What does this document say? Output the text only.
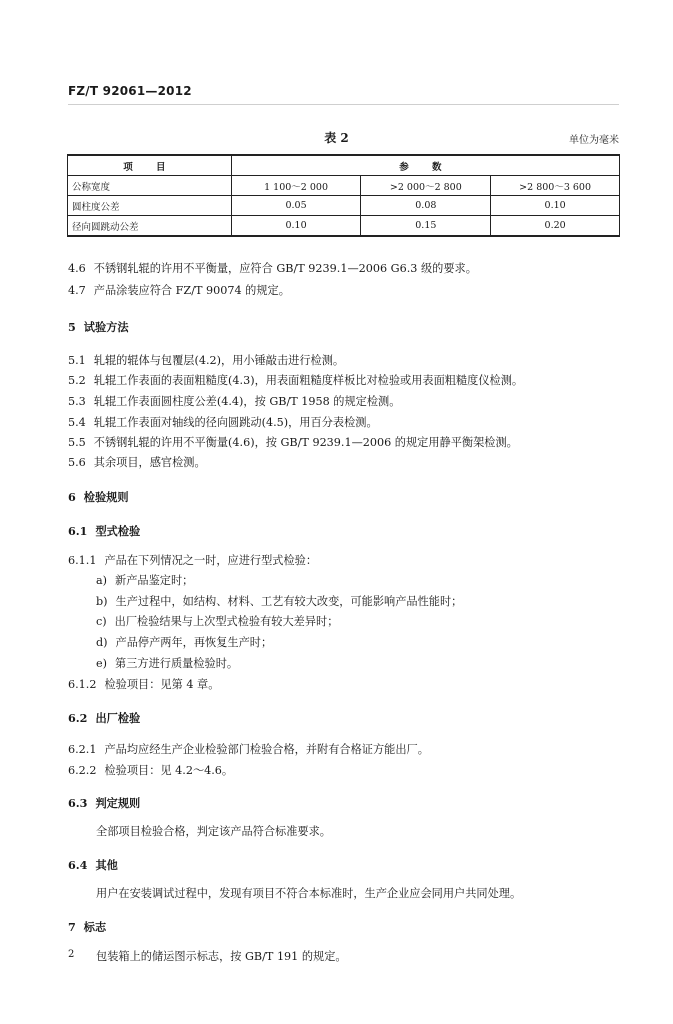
FZ/T 92061—2012
表 2	单位为毫米
项 目	参 数		
公称宽度	1 100～2 000	>2 000～2 800	>2 800～3 600
圆柱度公差	0.05	0.08	0.10
径向圆跳动公差	0.10	0.15	0.20
4.6 不锈钢轧辊的许用不平衡量，应符合 GB/T 9239.1—2006 G6.3 级的要求。
4.7 产品涂装应符合 FZ/T 90074 的规定。
5 试验方法
5.1 轧辊的辊体与包覆层(4.2)，用小锤敲击进行检测。
5.2 轧辊工作表面的表面粗糙度(4.3)，用表面粗糙度样板比对检验或用表面粗糙度仪检测。
5.3 轧辊工作表面圆柱度公差(4.4)，按 GB/T 1958 的规定检测。
5.4 轧辊工作表面对轴线的径向圆跳动(4.5)，用百分表检测。
5.5 不锈钢轧辊的许用不平衡量(4.6)，按 GB/T 9239.1—2006 的规定用静平衡架检测。
5.6 其余项目，感官检测。
6 检验规则
6.1 型式检验
6.1.1 产品在下列情况之一时，应进行型式检验：
a) 新产品鉴定时；
b) 生产过程中，如结构、材料、工艺有较大改变，可能影响产品性能时；
c) 出厂检验结果与上次型式检验有较大差异时；
d) 产品停产两年，再恢复生产时；
e) 第三方进行质量检验时。
6.1.2 检验项目：见第 4 章。
6.2 出厂检验
6.2.1 产品均应经生产企业检验部门检验合格，并附有合格证方能出厂。
6.2.2 检验项目：见 4.2～4.6。
6.3 判定规则
全部项目检验合格，判定该产品符合标准要求。
6.4 其他
用户在安装调试过程中，发现有项目不符合本标准时，生产企业应会同用户共同处理。
7 标志
包装箱上的储运图示标志，按 GB/T 191 的规定。
2
